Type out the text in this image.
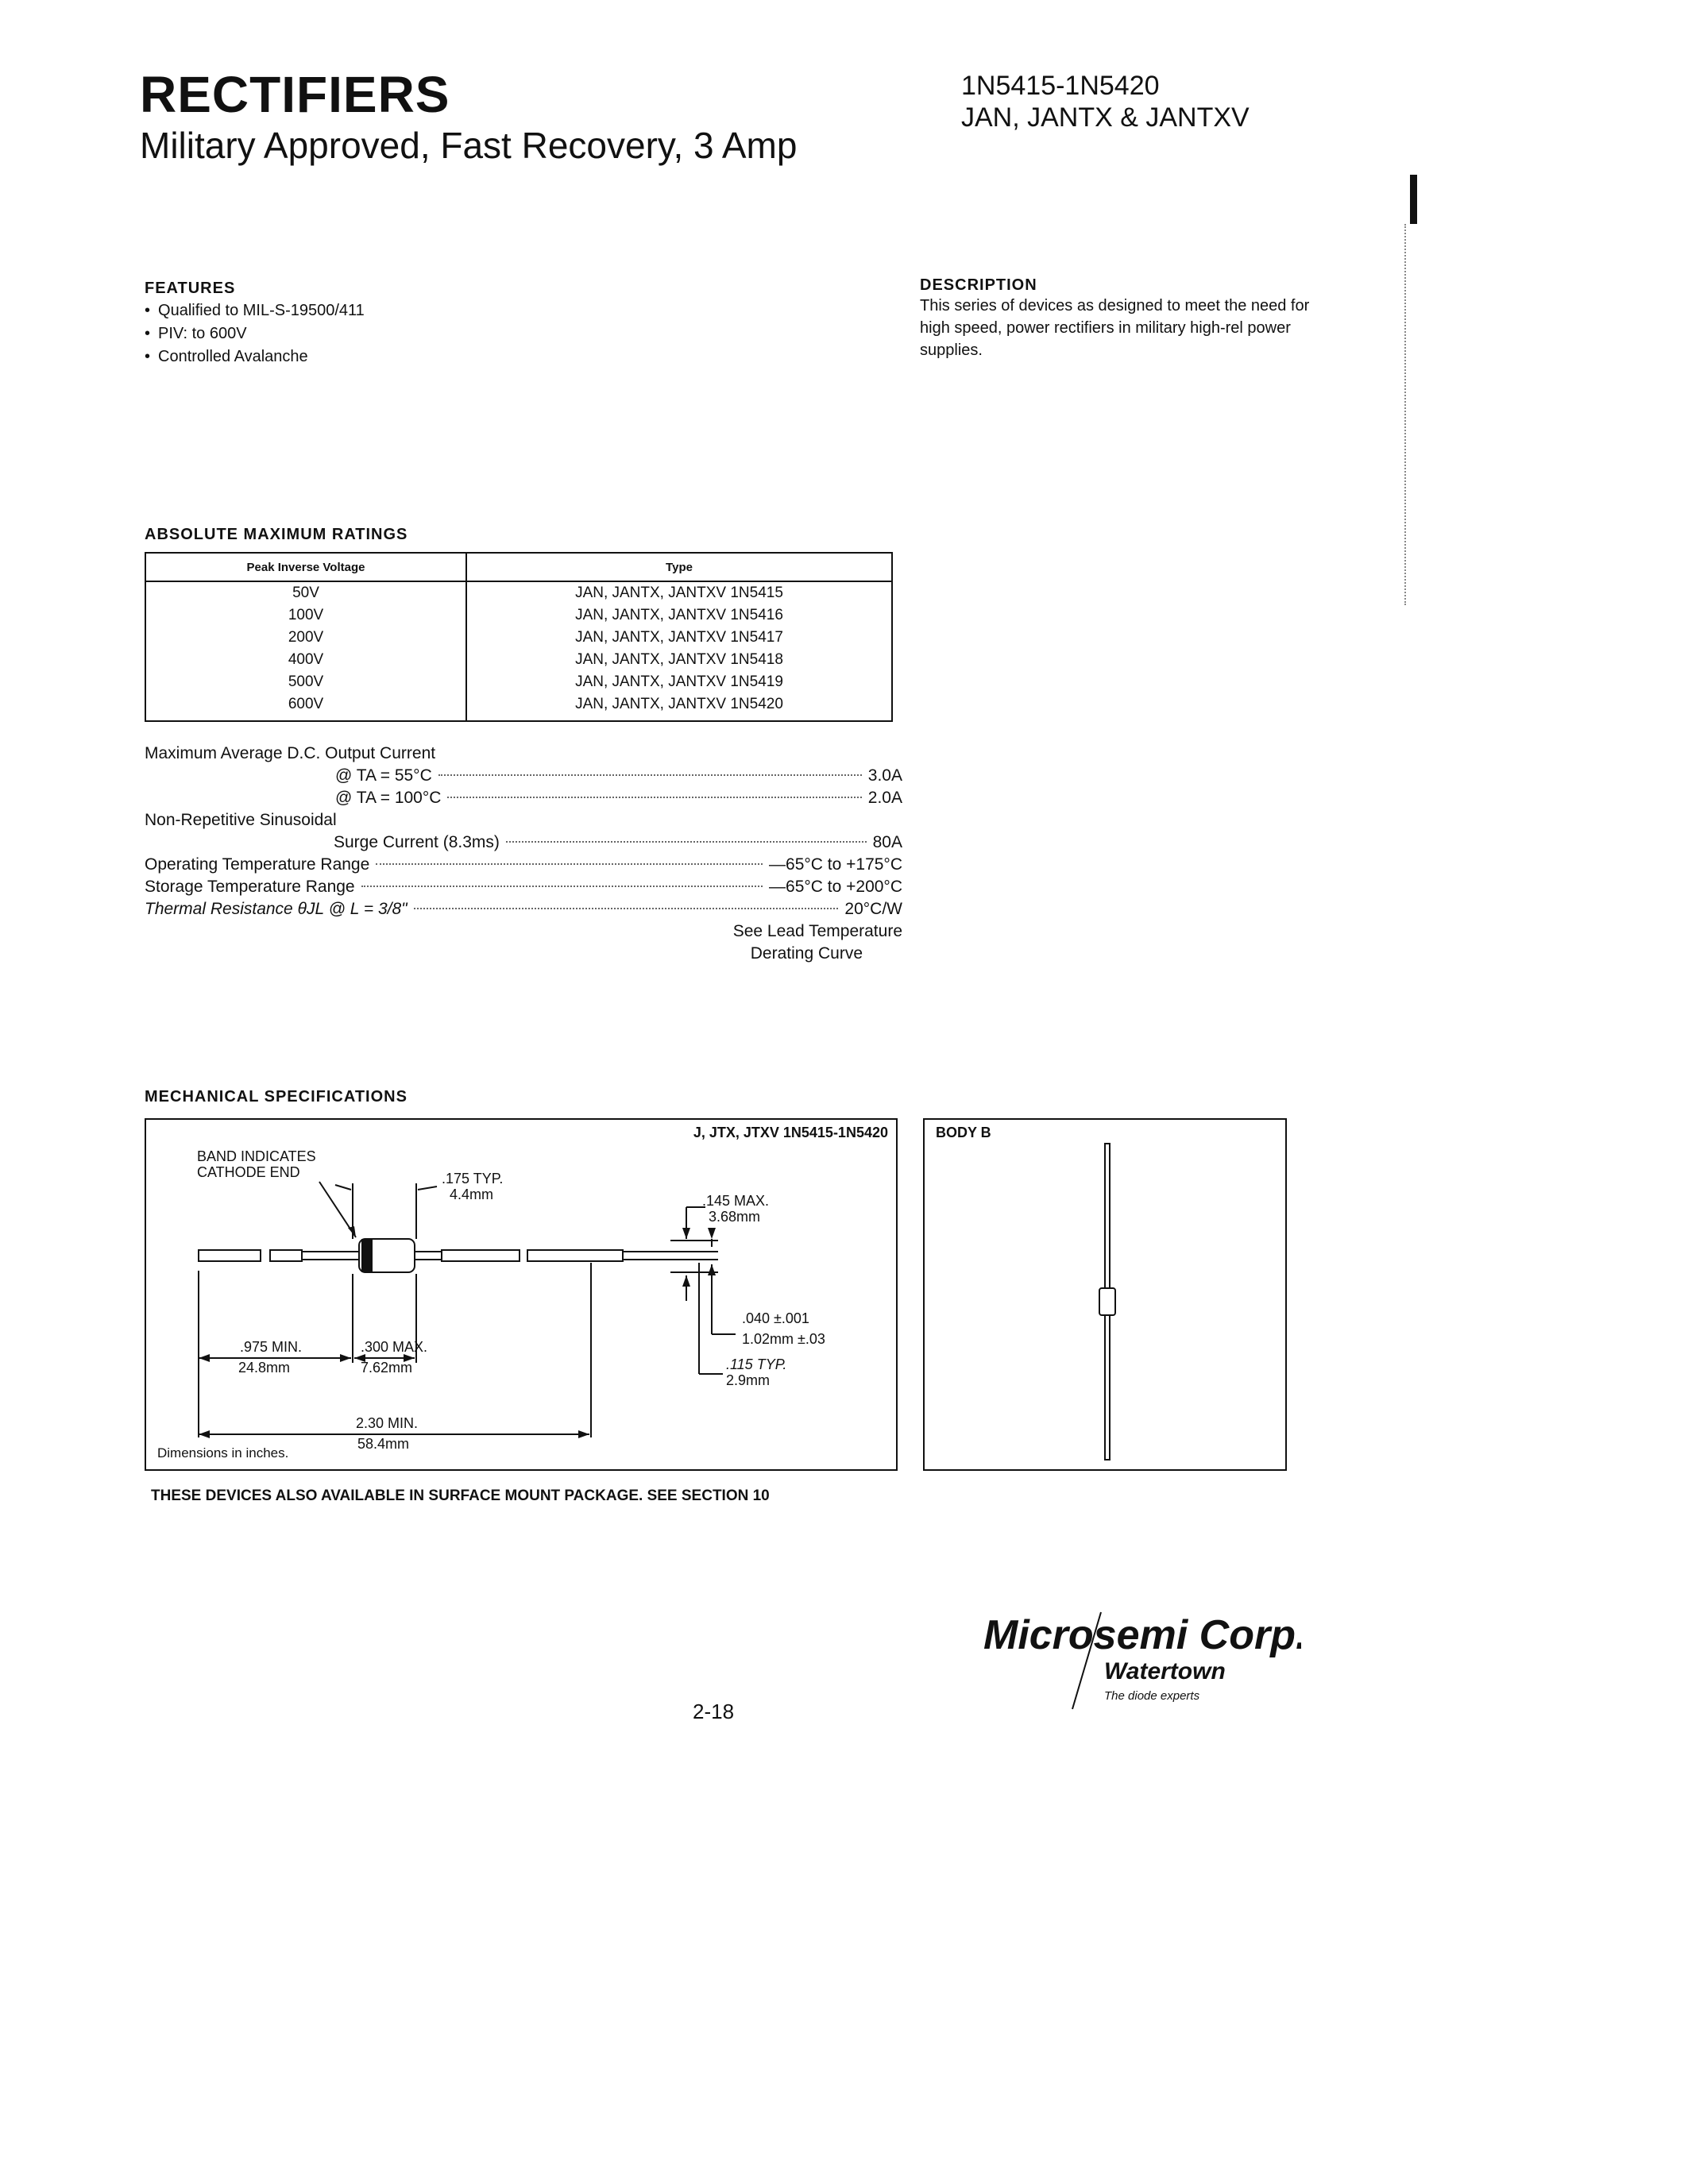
RECTIFIERS
Military Approved, Fast Recovery, 3 Amp
1N5415-1N5420
JAN, JANTX & JANTXV
FEATURES
• Qualified to MIL-S-19500/411
• PIV: to 600V
• Controlled Avalanche
DESCRIPTION
This series of devices as designed to meet the need for high speed, power rectifiers in military high-rel power supplies.
ABSOLUTE MAXIMUM RATINGS
Peak Inverse Voltage	Type
50V	JAN, JANTX, JANTXV 1N5415
100V	JAN, JANTX, JANTXV 1N5416
200V	JAN, JANTX, JANTXV 1N5417
400V	JAN, JANTX, JANTXV 1N5418
500V	JAN, JANTX, JANTXV 1N5419
600V	JAN, JANTX, JANTXV 1N5420
Maximum Average D.C. Output Current
@ TA = 55°C	3.0A
@ TA = 100°C	2.0A
Non-Repetitive Sinusoidal
Surge Current (8.3ms)	80A
Operating Temperature Range	—65°C to +175°C
Storage Temperature Range	—65°C to +200°C
Thermal Resistance θJL @ L = 3/8"	20°C/W
See Lead Temperature
Derating Curve
MECHANICAL SPECIFICATIONS
J, JTX, JTXV 1N5415-1N5420
BAND INDICATES
CATHODE END	.175 TYP.
4.4mm	.145 MAX.
3.68mm
.040 ±.001
1.02mm ±.03
.115 TYP.
2.9mm
.975 MIN.
24.8mm
.300 MAX.
7.62mm
2.30 MIN.
58.4mm
Dimensions in inches.
BODY B
THESE DEVICES ALSO AVAILABLE IN SURFACE MOUNT PACKAGE. SEE SECTION 10
Microsemi Corp.
Watertown
The diode experts
2-18
